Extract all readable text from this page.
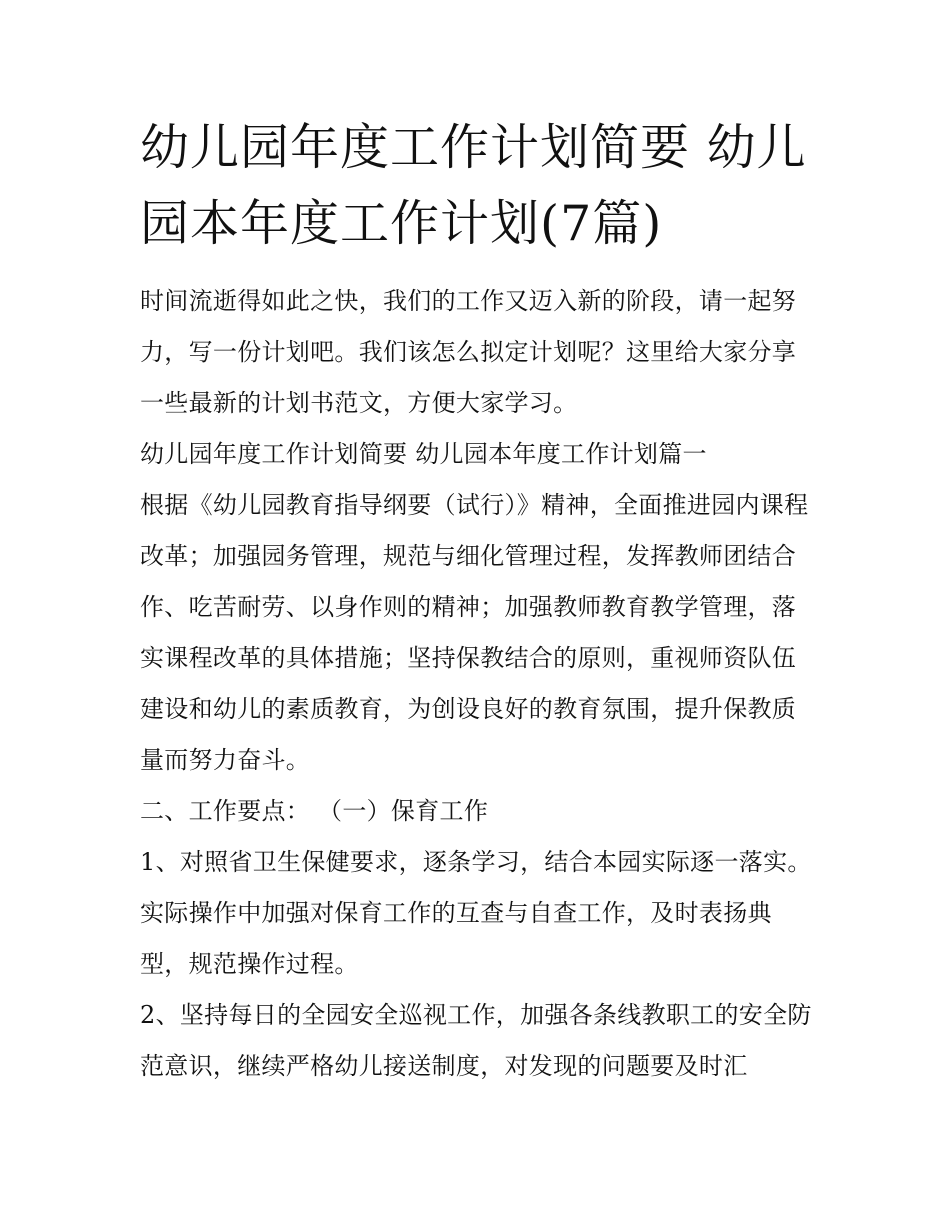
幼儿园年度工作计划简要 幼儿园本年度工作计划(7篇)

时间流逝得如此之快，我们的工作又迈入新的阶段，请一起努力，写一份计划吧。我们该怎么拟定计划呢？这里给大家分享一些最新的计划书范文，方便大家学习。

幼儿园年度工作计划简要 幼儿园本年度工作计划篇一

根据《幼儿园教育指导纲要（试行）》精神，全面推进园内课程改革；加强园务管理，规范与细化管理过程，发挥教师团结合作、吃苦耐劳、以身作则的精神；加强教师教育教学管理，落实课程改革的具体措施；坚持保教结合的原则，重视师资队伍建设和幼儿的素质教育，为创设良好的教育氛围，提升保教质量而努力奋斗。

二、工作要点： （一）保育工作

1、对照省卫生保健要求，逐条学习，结合本园实际逐一落实。实际操作中加强对保育工作的互查与自查工作，及时表扬典型，规范操作过程。

2、坚持每日的全园安全巡视工作，加强各条线教职工的安全防范意识，继续严格幼儿接送制度，对发现的问题要及时汇
